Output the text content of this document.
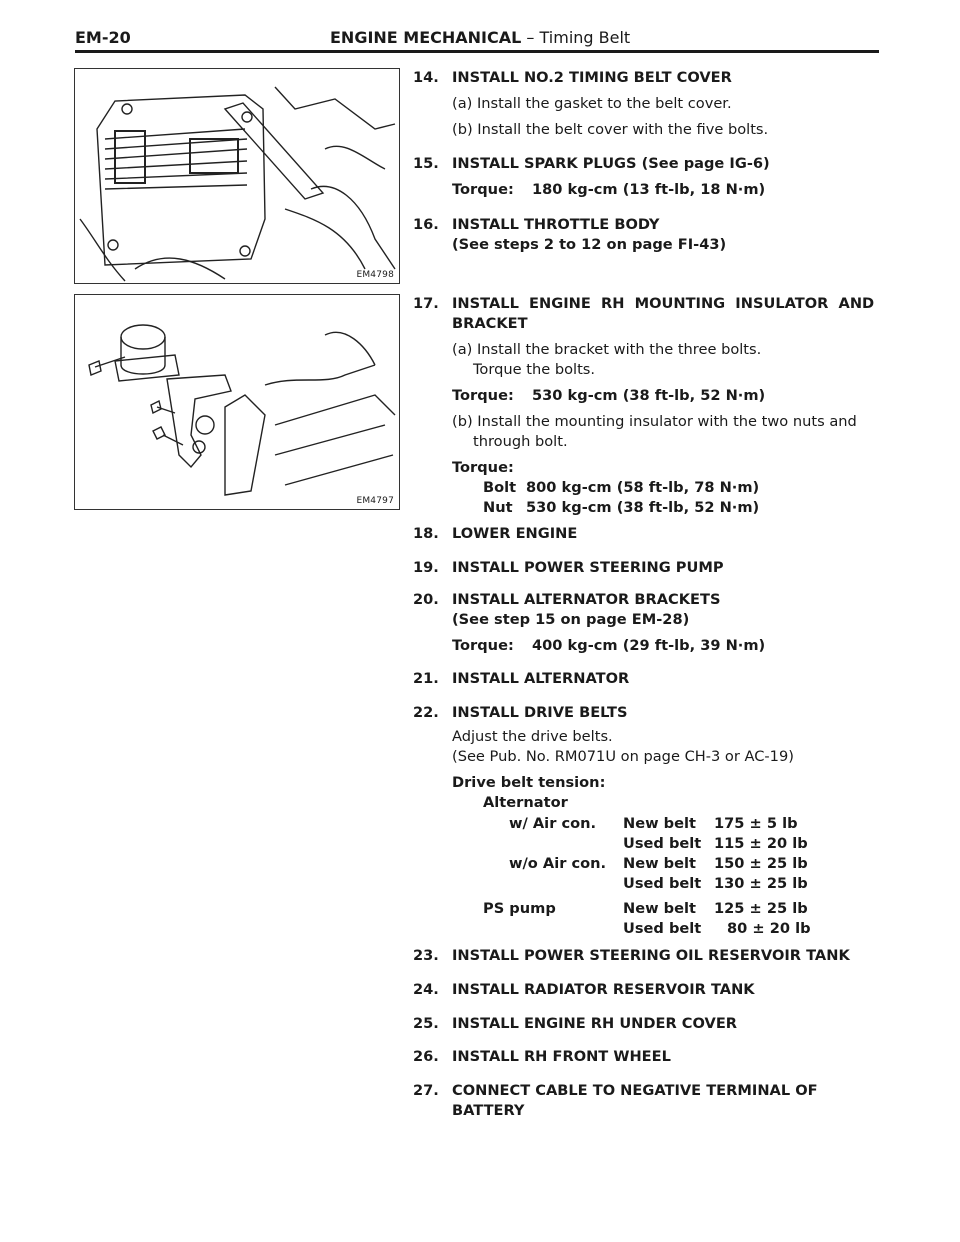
EM-20	ENGINE MECHANICAL – Timing Belt
EM4798
EM4797
14. INSTALL NO.2 TIMING BELT COVER
(a) Install the gasket to the belt cover.
(b) Install the belt cover with the five bolts.
15. INSTALL SPARK PLUGS (See page IG-6)
Torque: 180 kg-cm (13 ft-lb, 18 N·m)
16. INSTALL THROTTLE BODY
(See steps 2 to 12 on page FI-43)
17. INSTALL  ENGINE  RH  MOUNTING  INSULATOR  AND
BRACKET
(a) Install the bracket with the three bolts.
Torque the bolts.
Torque: 530 kg-cm (38 ft-lb, 52 N·m)
(b) Install the mounting insulator with the two nuts and
through bolt.
Torque:
Bolt 800 kg-cm (58 ft-lb, 78 N·m)
Nut 530 kg-cm (38 ft-lb, 52 N·m)
18. LOWER ENGINE
19. INSTALL POWER STEERING PUMP
20. INSTALL ALTERNATOR BRACKETS
(See step 15 on page EM-28)
Torque: 400 kg-cm (29 ft-lb, 39 N·m)
21. INSTALL ALTERNATOR
22. INSTALL DRIVE BELTS
Adjust the drive belts.
(See Pub. No. RM071U on page CH-3 or AC-19)
Drive belt tension:
Alternator
w/ Air con. New belt 175 ± 5 lb
Used belt 115 ± 20 lb
w/o Air con. New belt 150 ± 25 lb
Used belt 130 ± 25 lb
PS pump	New belt 125 ± 25 lb
Used belt 80 ± 20 lb
23. INSTALL POWER STEERING OIL RESERVOIR TANK
24. INSTALL RADIATOR RESERVOIR TANK
25. INSTALL ENGINE RH UNDER COVER
26. INSTALL RH FRONT WHEEL
27. CONNECT CABLE TO NEGATIVE TERMINAL OF BATTERY
